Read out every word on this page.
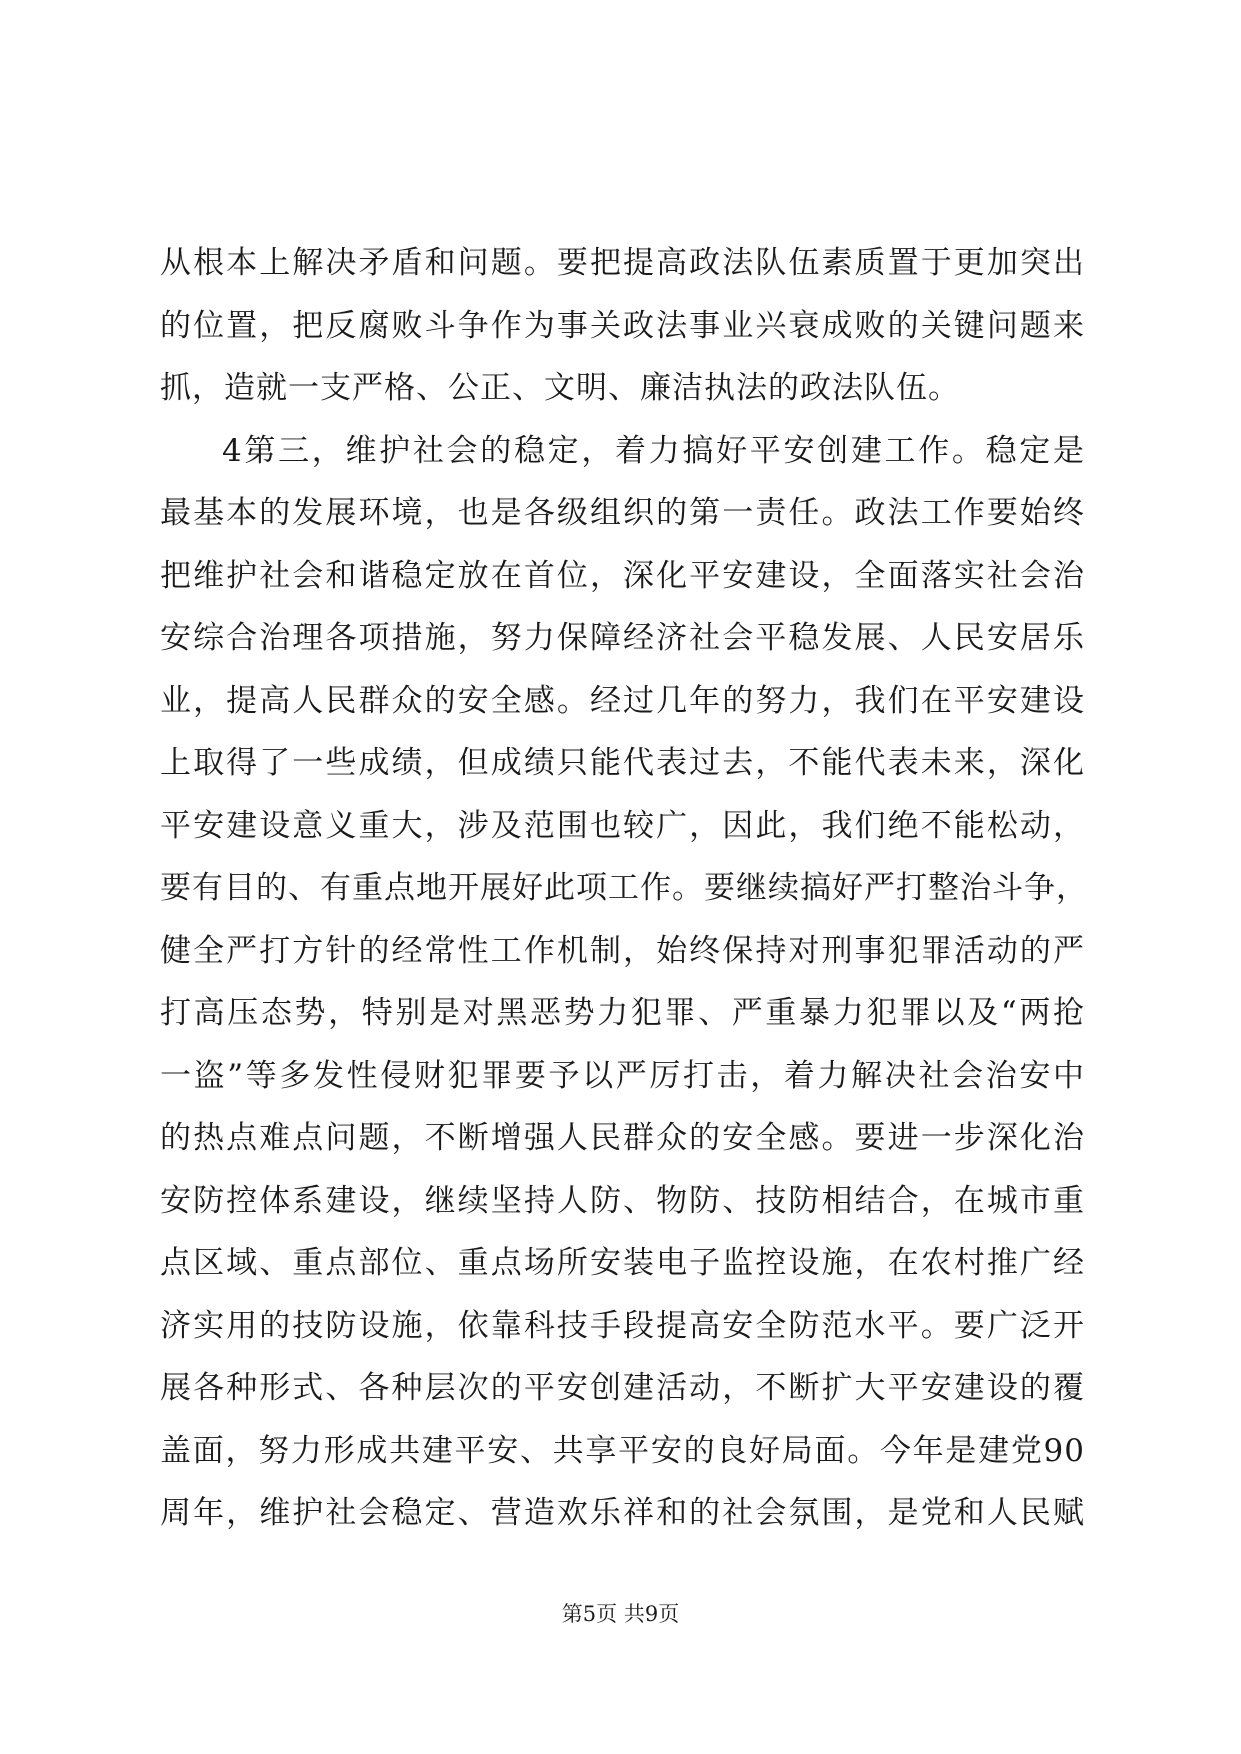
从根本上解决矛盾和问题。要把提高政法队伍素质置于更加突出
的位置，把反腐败斗争作为事关政法事业兴衰成败的关键问题来
抓，造就一支严格、公正、文明、廉洁执法的政法队伍。
4第三，维护社会的稳定，着力搞好平安创建工作。稳定是
最基本的发展环境，也是各级组织的第一责任。政法工作要始终
把维护社会和谐稳定放在首位，深化平安建设，全面落实社会治
安综合治理各项措施，努力保障经济社会平稳发展、人民安居乐
业，提高人民群众的安全感。经过几年的努力，我们在平安建设
上取得了一些成绩，但成绩只能代表过去，不能代表未来，深化
平安建设意义重大，涉及范围也较广，因此，我们绝不能松动，
要有目的、有重点地开展好此项工作。要继续搞好严打整治斗争，
健全严打方针的经常性工作机制，始终保持对刑事犯罪活动的严
打高压态势，特别是对黑恶势力犯罪、严重暴力犯罪以及“两抢
一盗”等多发性侵财犯罪要予以严厉打击，着力解决社会治安中
的热点难点问题，不断增强人民群众的安全感。要进一步深化治
安防控体系建设，继续坚持人防、物防、技防相结合，在城市重
点区域、重点部位、重点场所安装电子监控设施，在农村推广经
济实用的技防设施，依靠科技手段提高安全防范水平。要广泛开
展各种形式、各种层次的平安创建活动，不断扩大平安建设的覆
盖面，努力形成共建平安、共享平安的良好局面。今年是建党90
周年，维护社会稳定、营造欢乐祥和的社会氛围，是党和人民赋
第5页 共9页
